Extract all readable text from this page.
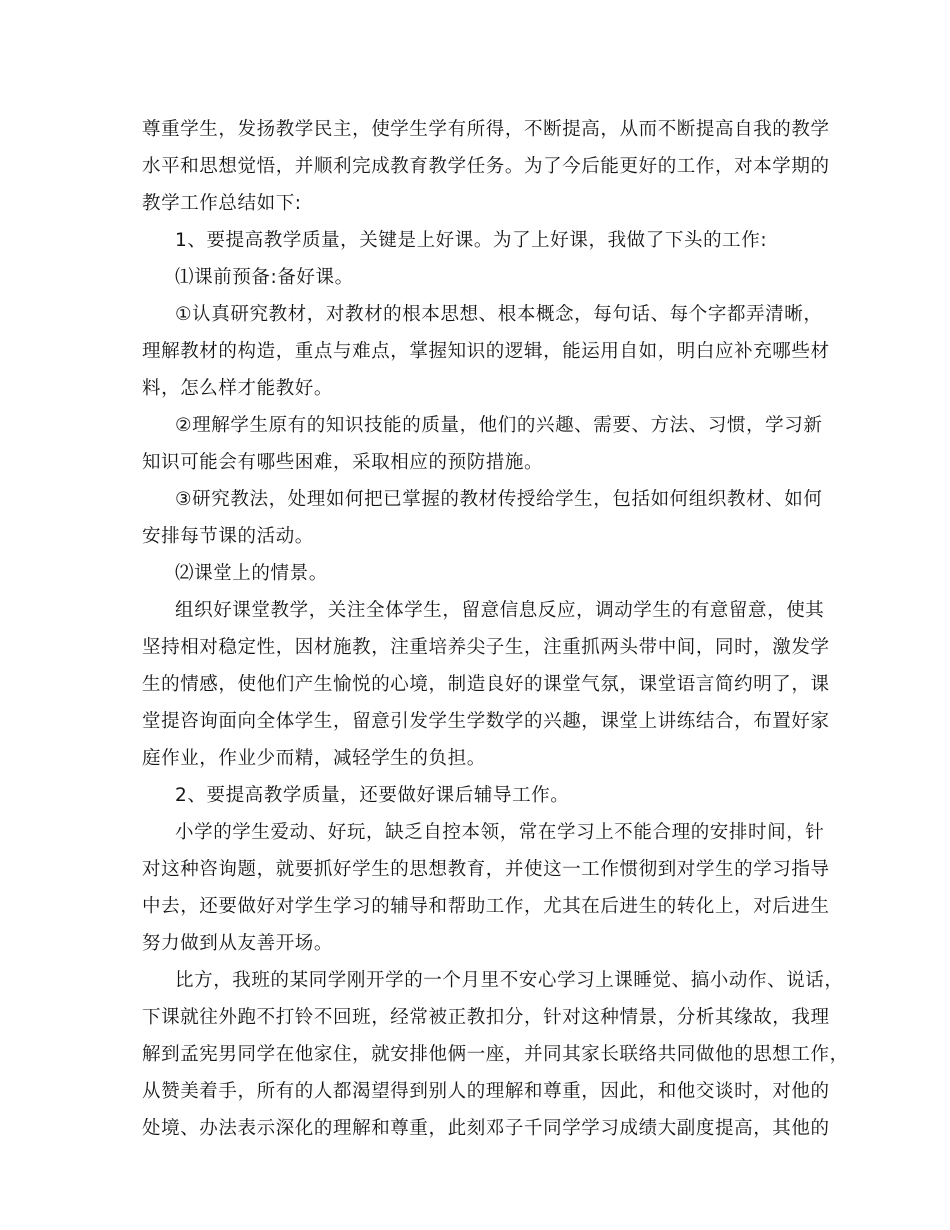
尊重学生，发扬教学民主，使学生学有所得，不断提高，从而不断提高自我的教学
水平和思想觉悟，并顺利完成教育教学任务。为了今后能更好的工作，对本学期的
教学工作总结如下:
1、要提高教学质量，关键是上好课。为了上好课，我做了下头的工作:
⑴课前预备:备好课。
①认真研究教材，对教材的根本思想、根本概念，每句话、每个字都弄清晰，
理解教材的构造，重点与难点，掌握知识的逻辑，能运用自如，明白应补充哪些材
料，怎么样才能教好。
②理解学生原有的知识技能的质量，他们的兴趣、需要、方法、习惯，学习新
知识可能会有哪些困难，采取相应的预防措施。
③研究教法，处理如何把已掌握的教材传授给学生，包括如何组织教材、如何
安排每节课的活动。
⑵课堂上的情景。
组织好课堂教学，关注全体学生，留意信息反应，调动学生的有意留意，使其
坚持相对稳定性，因材施教，注重培养尖子生，注重抓两头带中间，同时，激发学
生的情感，使他们产生愉悦的心境，制造良好的课堂气氛，课堂语言简约明了，课
堂提咨询面向全体学生，留意引发学生学数学的兴趣，课堂上讲练结合，布置好家
庭作业，作业少而精，减轻学生的负担。
2、要提高教学质量，还要做好课后辅导工作。
小学的学生爱动、好玩，缺乏自控本领，常在学习上不能合理的安排时间，针
对这种咨询题，就要抓好学生的思想教育，并使这一工作惯彻到对学生的学习指导
中去，还要做好对学生学习的辅导和帮助工作，尤其在后进生的转化上，对后进生
努力做到从友善开场。
比方，我班的某同学刚开学的一个月里不安心学习上课睡觉、搞小动作、说话，
下课就往外跑不打铃不回班，经常被正教扣分，针对这种情景，分析其缘故，我理
解到孟宪男同学在他家住，就安排他俩一座，并同其家长联络共同做他的思想工作，
从赞美着手，所有的人都渴望得到别人的理解和尊重，因此，和他交谈时，对他的
处境、办法表示深化的理解和尊重，此刻邓子千同学学习成绩大副度提高，其他的
